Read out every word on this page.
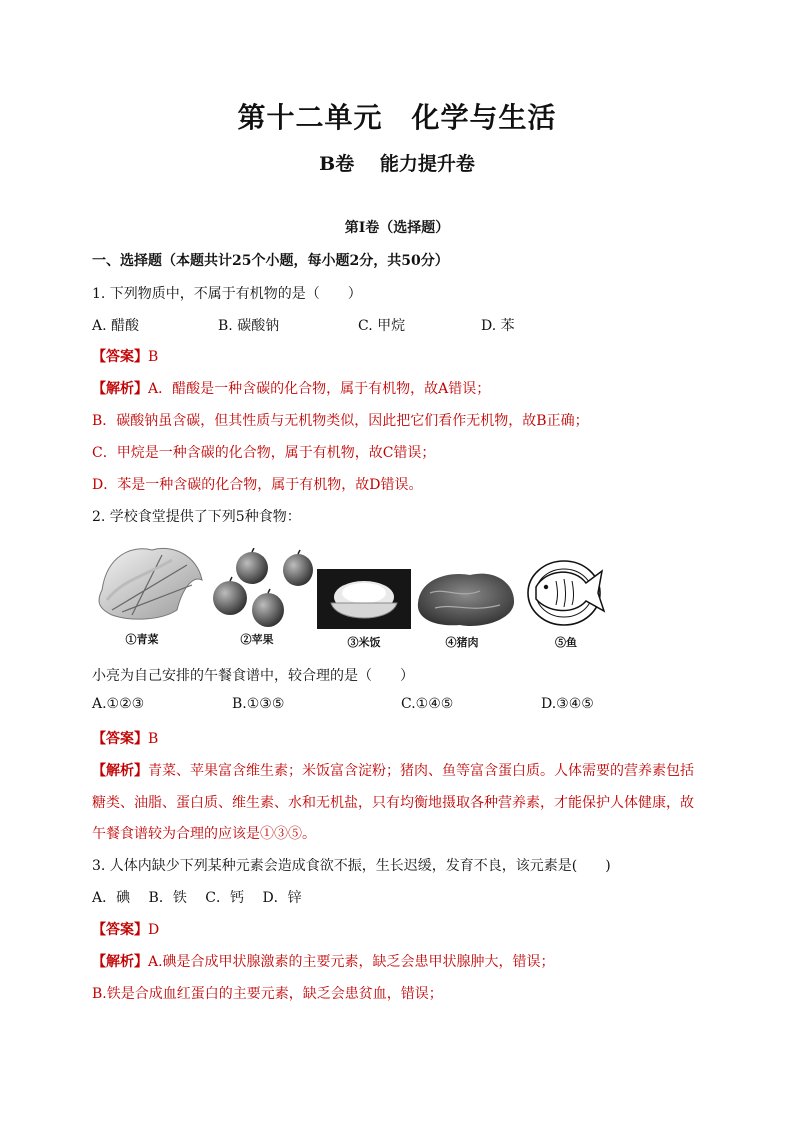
第十二单元　化学与生活
B卷　 能力提升卷
第I卷（选择题）
一、选择题（本题共计25个小题，每小题2分，共50分）
1. 下列物质中，不属于有机物的是（　　）
A. 醋酸	B. 碳酸钠	C. 甲烷	D. 苯
【答案】B
【解析】A．醋酸是一种含碳的化合物，属于有机物，故A错误；
B．碳酸钠虽含碳，但其性质与无机物类似，因此把它们看作无机物，故B正确；
C．甲烷是一种含碳的化合物，属于有机物，故C错误；
D．苯是一种含碳的化合物，属于有机物，故D错误。
2. 学校食堂提供了下列5种食物：
①青菜	②苹果	③米饭	④猪肉	⑤鱼
小亮为自己安排的午餐食谱中，较合理的是（　　）
A.①②③	B.①③⑤	C.①④⑤	D.③④⑤
【答案】B
【解析】青菜、苹果富含维生素；米饭富含淀粉；猪肉、鱼等富含蛋白质。人体需要的营养素包括
糖类、油脂、蛋白质、维生素、水和无机盐，只有均衡地摄取各种营养素，才能保护人体健康，故
午餐食谱较为合理的应该是①③⑤。
3. 人体内缺少下列某种元素会造成食欲不振，生长迟缓，发育不良，该元素是(　　)
A．碘　 B．铁　 C．钙　 D．锌
【答案】D
【解析】A.碘是合成甲状腺激素的主要元素，缺乏会患甲状腺肿大，错误；
B.铁是合成血红蛋白的主要元素，缺乏会患贫血，错误；
